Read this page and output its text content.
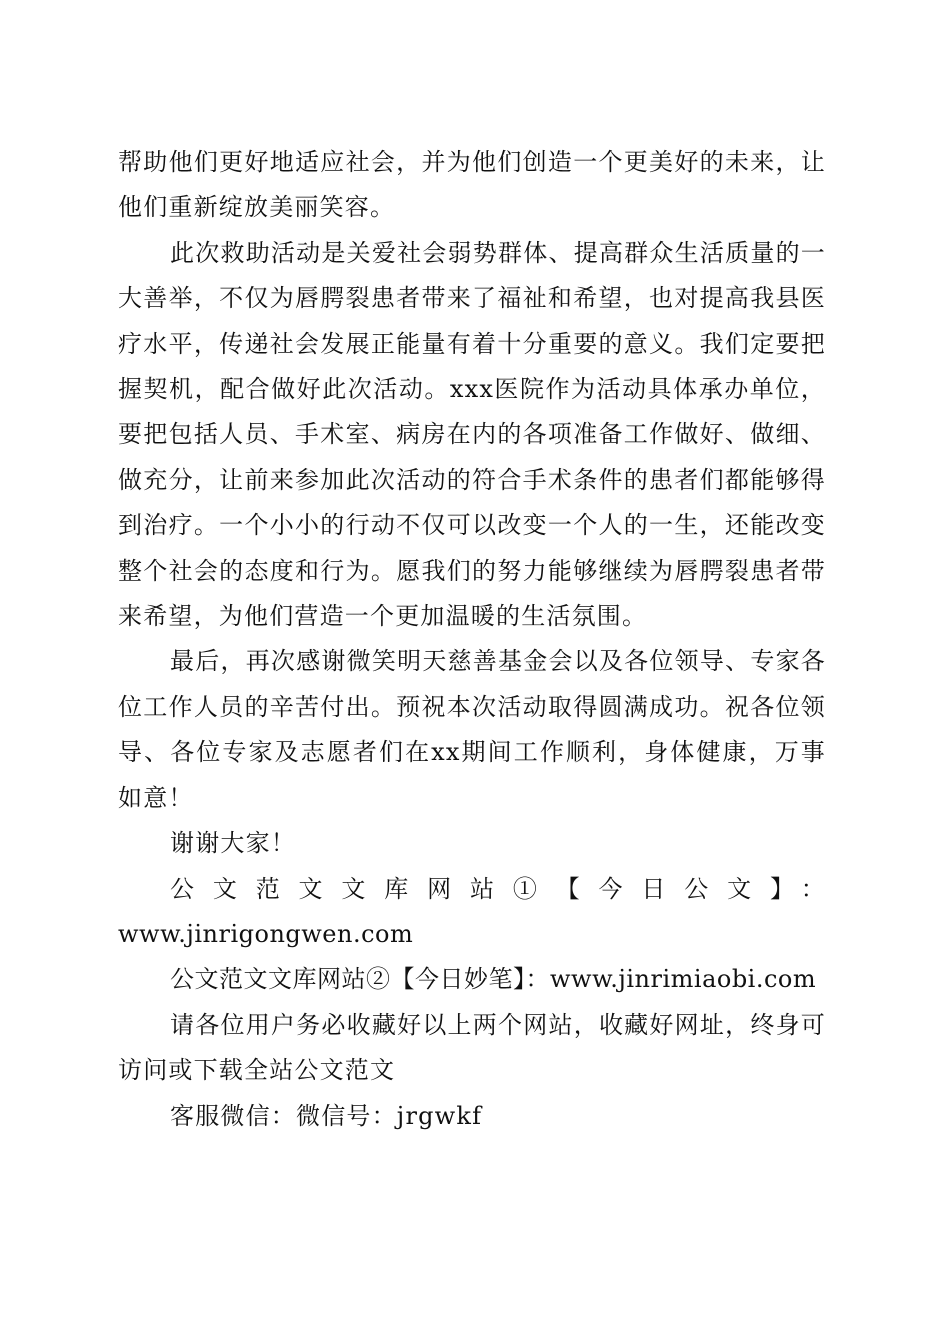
帮助他们更好地适应社会，并为他们创造一个更美好的未来，让他们重新绽放美丽笑容。

此次救助活动是关爱社会弱势群体、提高群众生活质量的一大善举，不仅为唇腭裂患者带来了福祉和希望，也对提高我县医疗水平，传递社会发展正能量有着十分重要的意义。我们定要把握契机，配合做好此次活动。xxx医院作为活动具体承办单位，要把包括人员、手术室、病房在内的各项准备工作做好、做细、做充分，让前来参加此次活动的符合手术条件的患者们都能够得到治疗。一个小小的行动不仅可以改变一个人的一生，还能改变整个社会的态度和行为。愿我们的努力能够继续为唇腭裂患者带来希望，为他们营造一个更加温暖的生活氛围。

最后，再次感谢微笑明天慈善基金会以及各位领导、专家各位工作人员的辛苦付出。预祝本次活动取得圆满成功。祝各位领导、各位专家及志愿者们在xx期间工作顺利，身体健康，万事如意！

谢谢大家！

公文范文文库网站①【今日公文】：

www.jinrigongwen.com

公文范文文库网站②【今日妙笔】：www.jinrimiaobi.com

请各位用户务必收藏好以上两个网站，收藏好网址，终身可访问或下载全站公文范文

客服微信：微信号：jrgwkf
